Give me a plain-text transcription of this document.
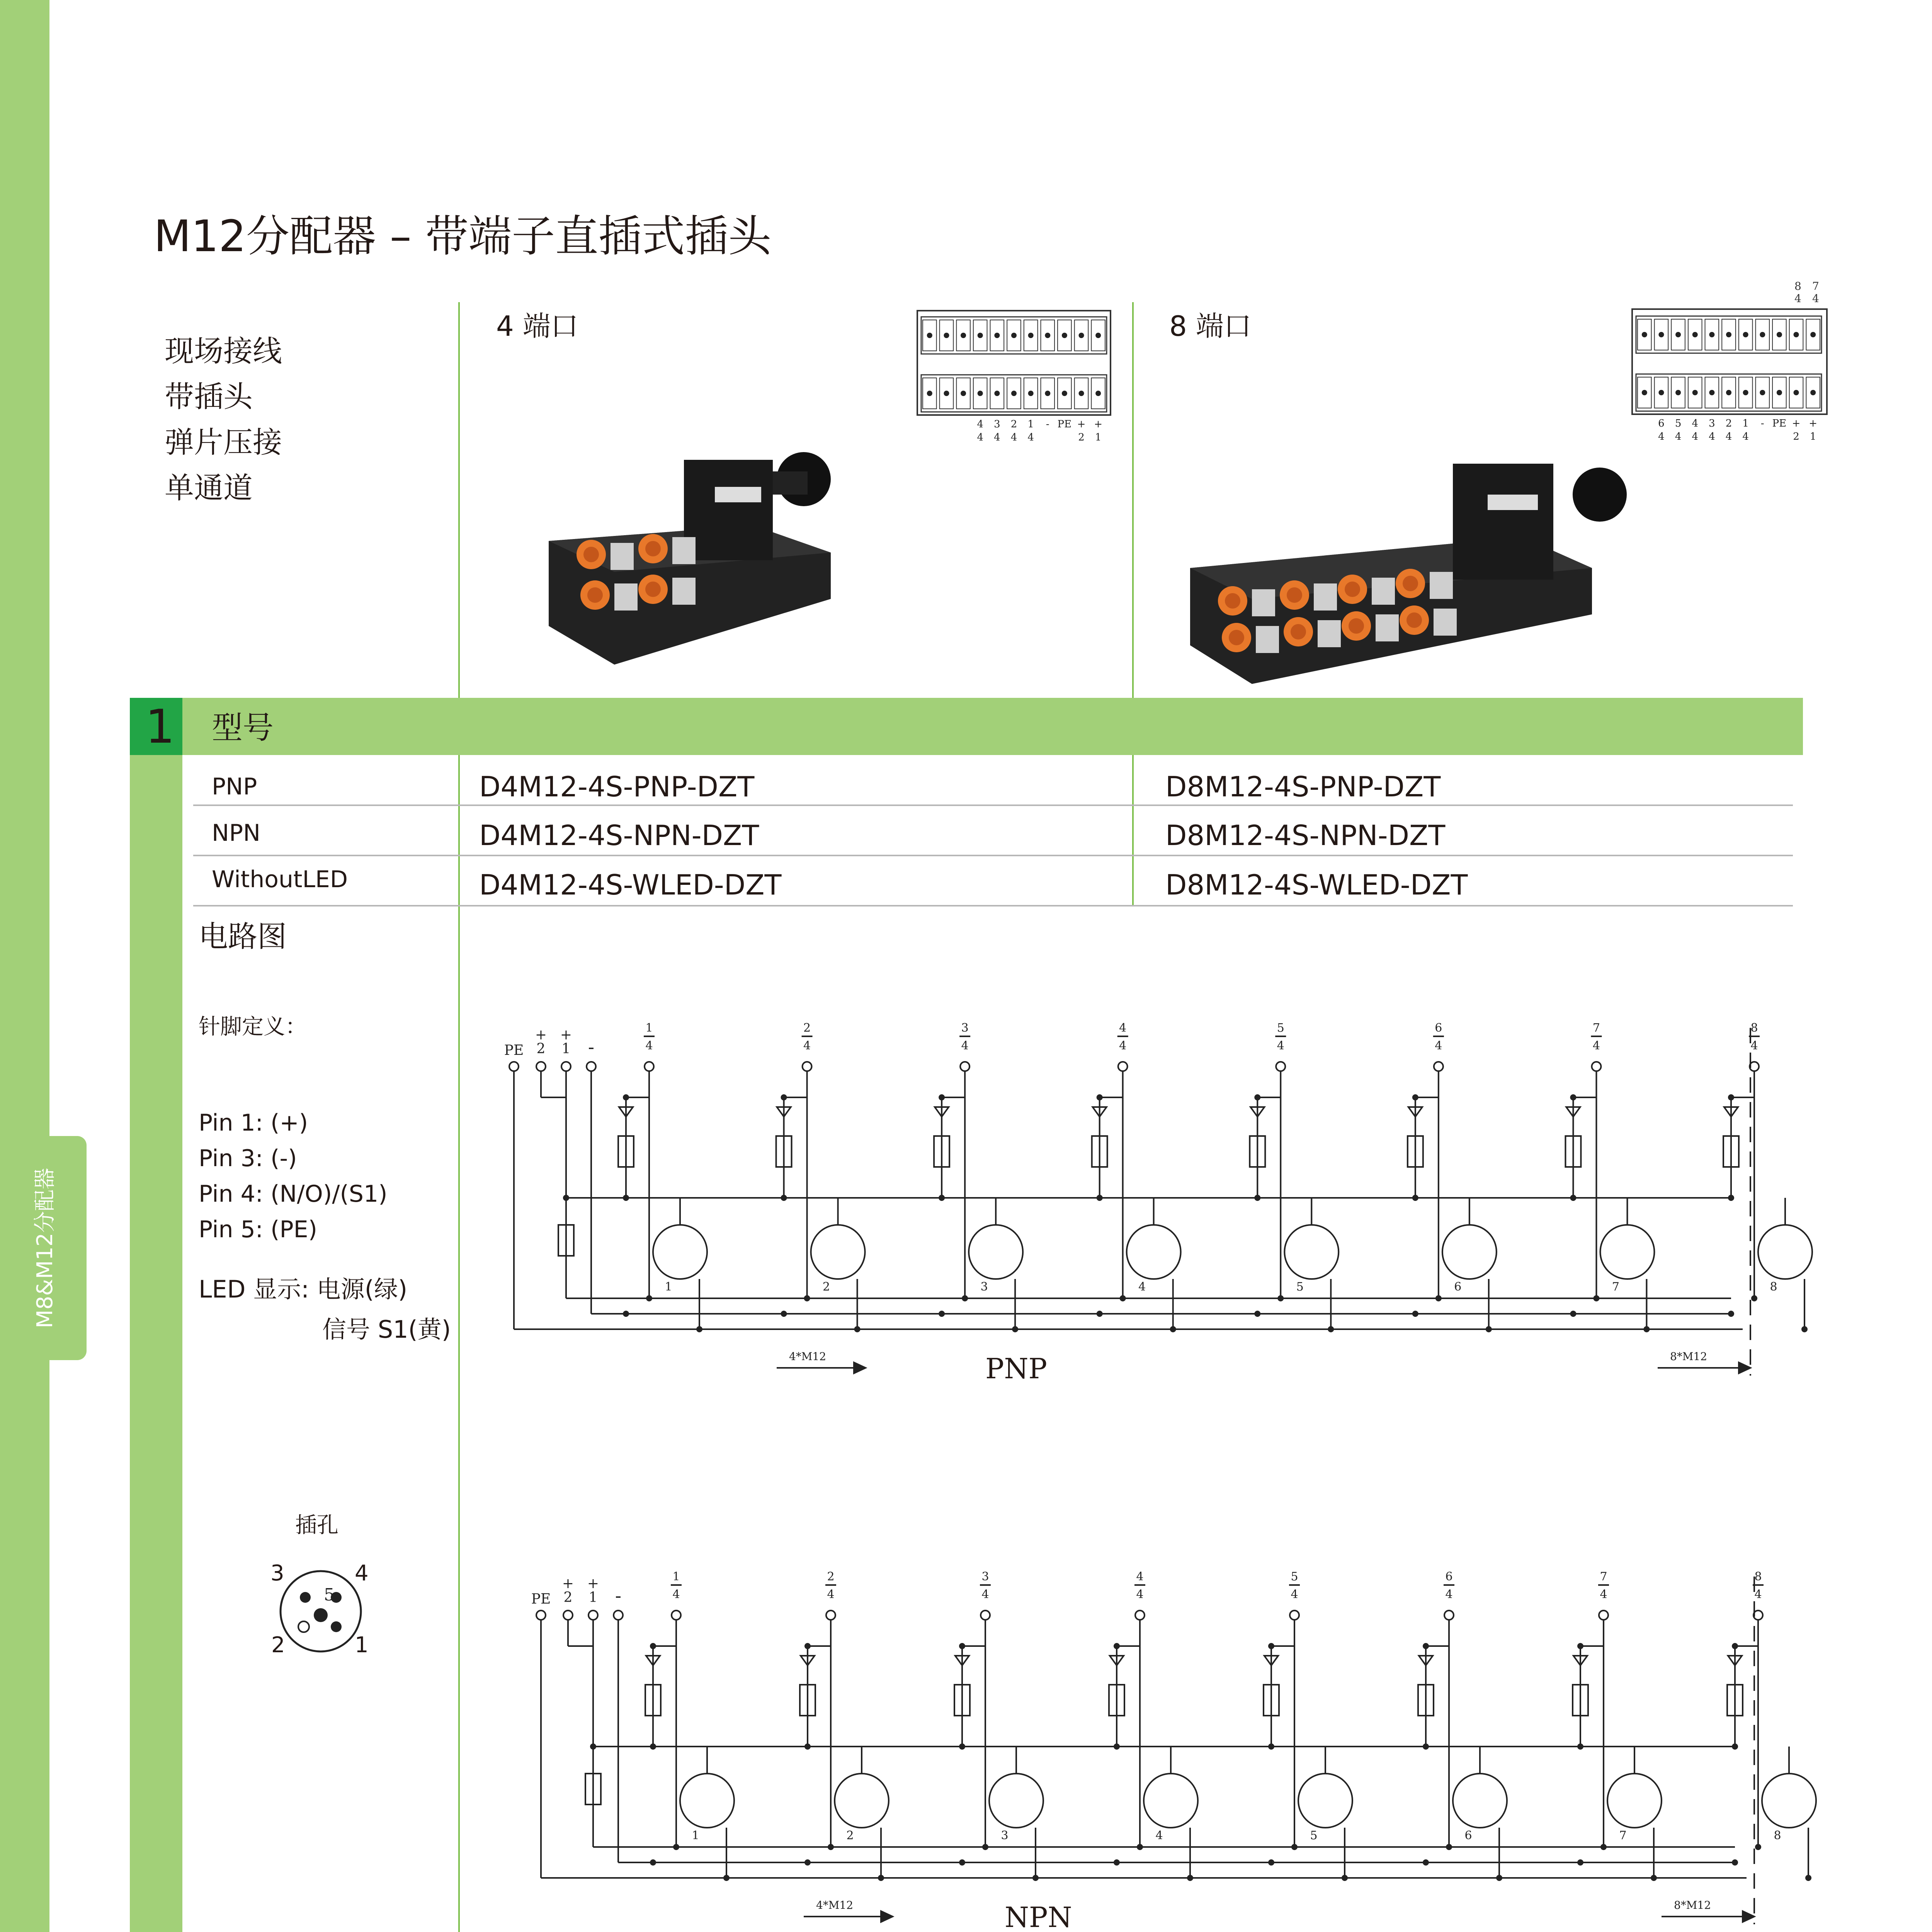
M8&M12分配器
M12分配器 – 带端子直插式插头
现场接线
带插头
弹片压接
单通道
4 端口	8 端口
4
4
3
4
2
4
1
4
- PE +
2
+
1
8 7
4 4
6
4
5
4
4
4
3
4
2
4
1
4
- PE +
2
+
1
1 型号
PNP	D4M12-4S-PNP-DZT	D8M12-4S-PNP-DZT
NPN	D4M12-4S-NPN-DZT	D8M12-4S-NPN-DZT
WithoutLED	D4M12-4S-WLED-DZT	D8M12-4S-WLED-DZT
电路图
针脚定义：
Pin 1: (+)
Pin 3: (-)
Pin 4: (N/O)/(S1)
Pin 5: (PE)
LED 显示: 电源(绿)
信号 S1(黄)
插孔
5
3	4
2	1
PE
+
2
+
1 -
1
4
1
2
4
2
3
4
3
4
4
4
5
4
5
6
4
6
7
4
7
8
4
8
4*M12	8*M12
PNP
PE
+
2
+
1 -
1
4
1
2
4
2
3
4
3
4
4
4
5
4
5
6
4
6
7
4
7
8
4
8
4*M12	8*M12
NPN
